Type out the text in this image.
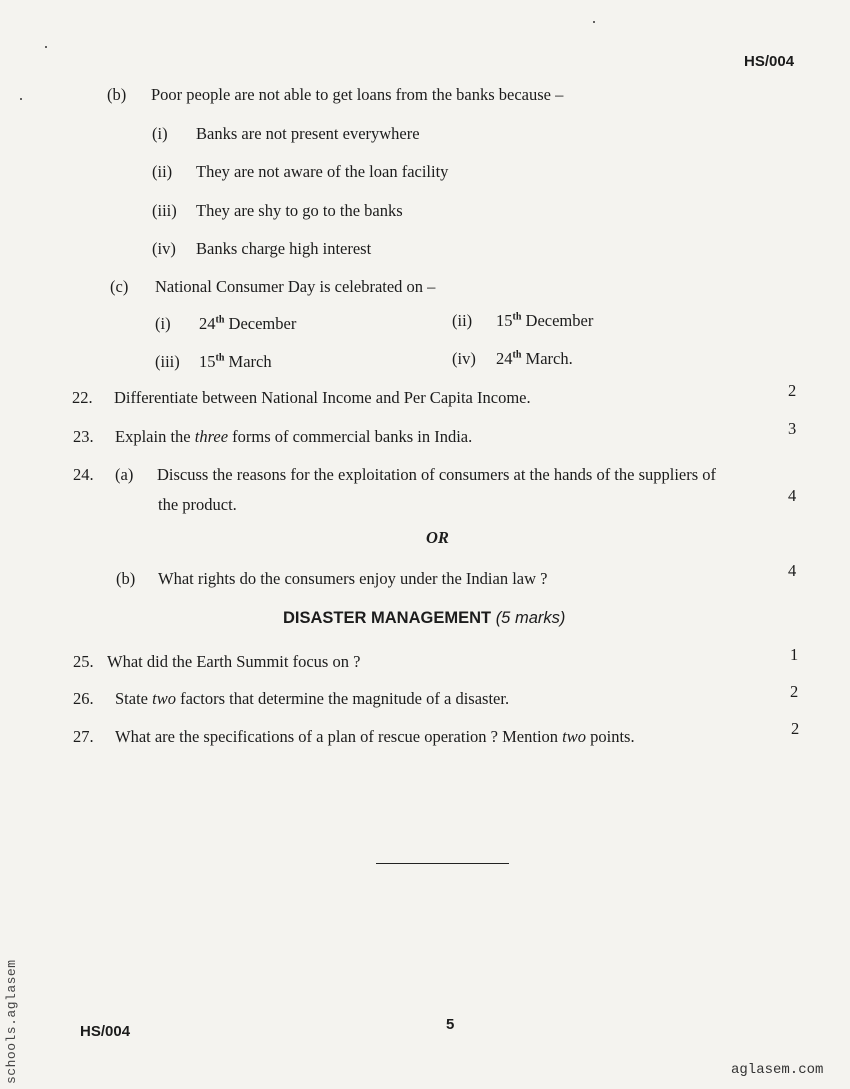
HS/004
(b) Poor people are not able to get loans from the banks because –
(i) Banks are not present everywhere
(ii) They are not aware of the loan facility
(iii) They are shy to go to the banks
(iv) Banks charge high interest
(c) National Consumer Day is celebrated on –
(i) 24th December	(ii) 15th December
(iii) 15th March	(iv) 24th March.
22. Differentiate between National Income and Per Capita Income.	2
23. Explain the three forms of commercial banks in India.	3
24. (a) Discuss the reasons for the exploitation of consumers at the hands of the suppliers of
the product.	4
OR
(b) What rights do the consumers enjoy under the Indian law ?	4
DISASTER MANAGEMENT (5 marks)
25. What did the Earth Summit focus on ?	1
26. State two factors that determine the magnitude of a disaster.	2
27. What are the specifications of a plan of rescue operation ? Mention two points.	2
HS/004	5
schools.aglasem	aglasem.com
